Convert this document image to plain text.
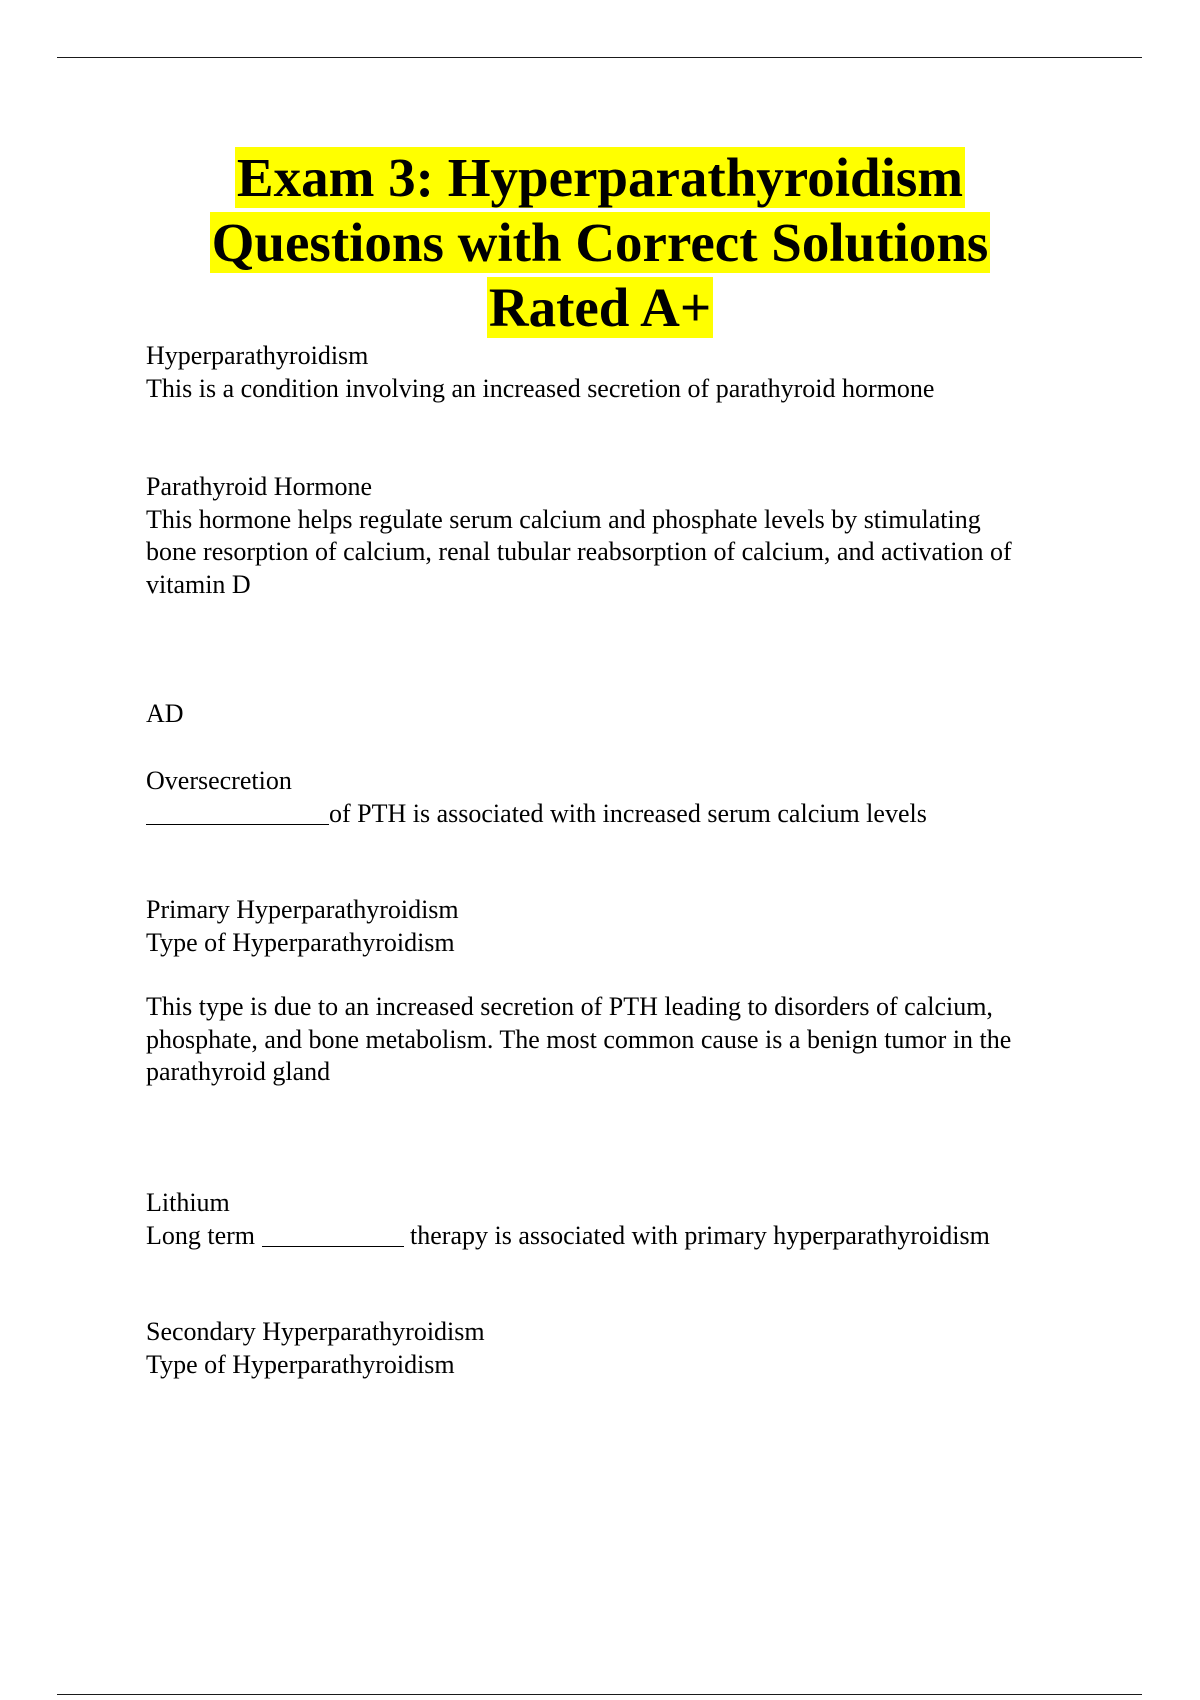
Exam 3: Hyperparathyroidism
Questions with Correct Solutions
Rated A+
Hyperparathyroidism
This is a condition involving an increased secretion of parathyroid hormone
Parathyroid Hormone
This hormone helps regulate serum calcium and phosphate levels by stimulating
bone resorption of calcium, renal tubular reabsorption of calcium, and activation of
vitamin D
AD
Oversecretion
of PTH is associated with increased serum calcium levels
Primary Hyperparathyroidism
Type of Hyperparathyroidism
This type is due to an increased secretion of PTH leading to disorders of calcium,
phosphate, and bone metabolism. The most common cause is a benign tumor in the
parathyroid gland
Lithium
Long term	therapy is associated with primary hyperparathyroidism
Secondary Hyperparathyroidism
Type of Hyperparathyroidism
